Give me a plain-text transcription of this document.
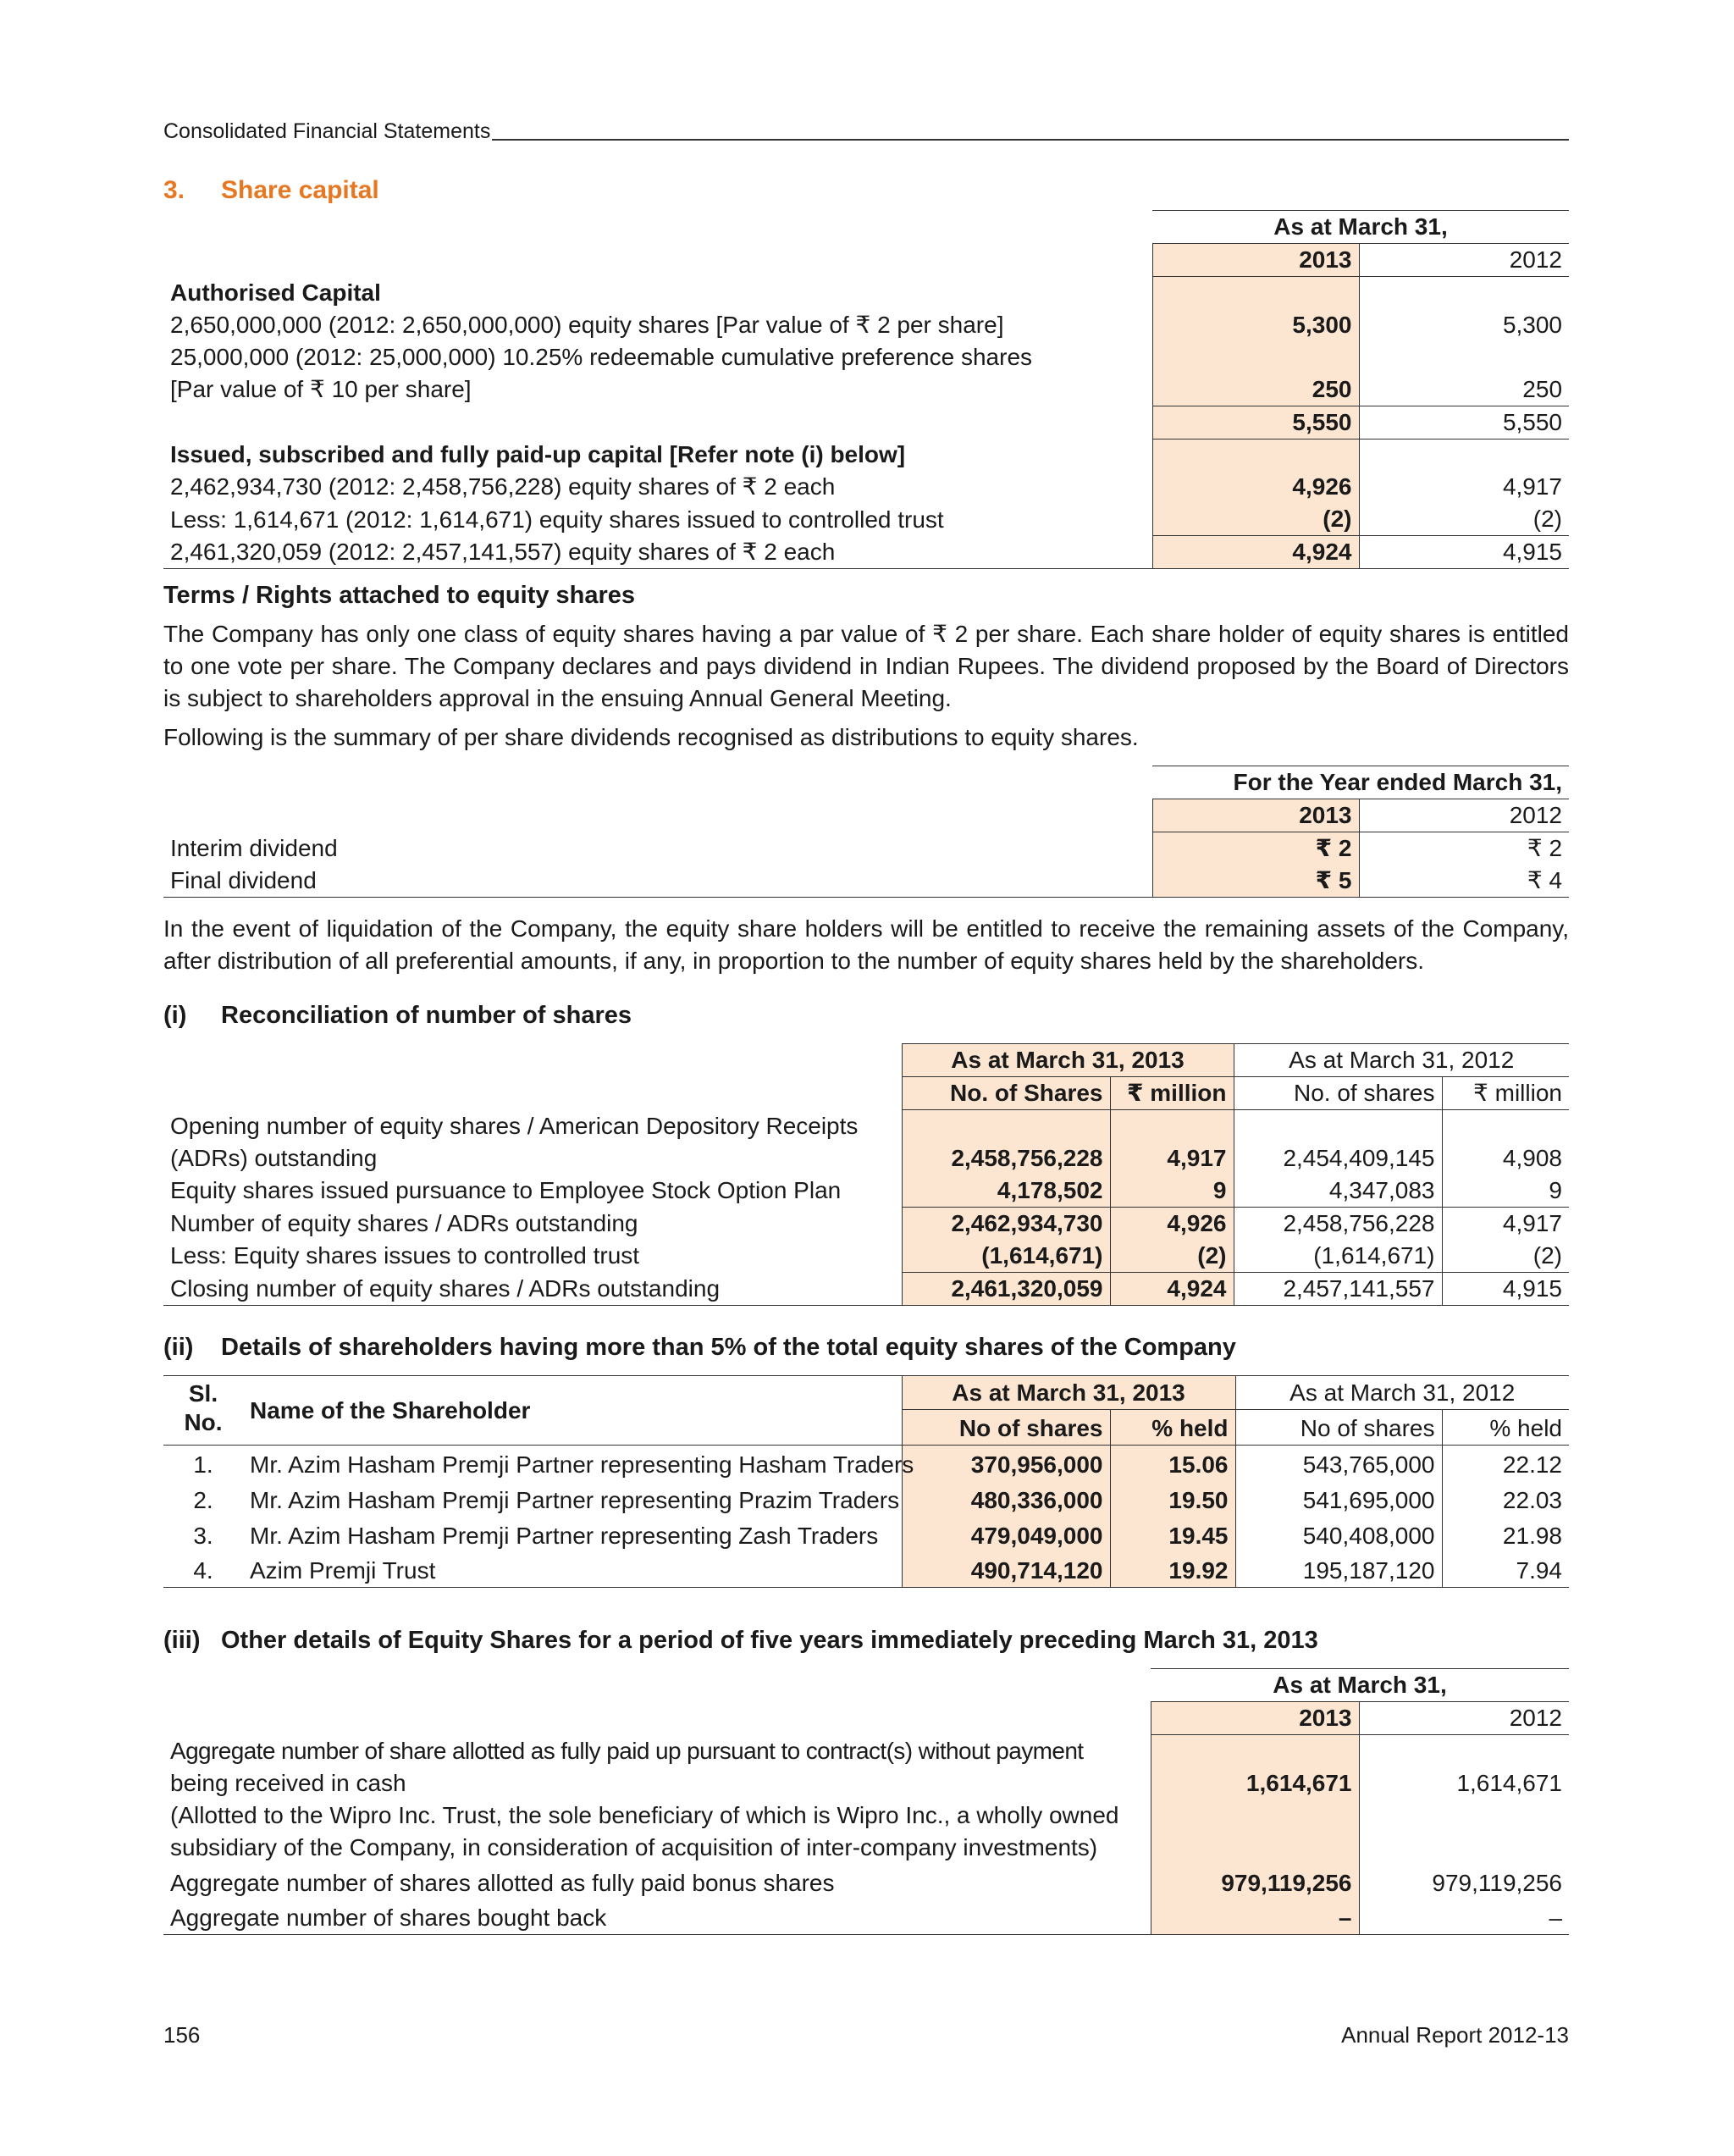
Consolidated Financial Statements
3. Share capital
	As at March 31,	
	2013	2012
Authorised Capital		
2,650,000,000 (2012: 2,650,000,000) equity shares [Par value of ₹ 2 per share]	5,300	5,300
25,000,000 (2012: 25,000,000) 10.25% redeemable cumulative preference shares		
[Par value of ₹ 10 per share]	250	250
	5,550	5,550
Issued, subscribed and fully paid-up capital [Refer note (i) below]		
2,462,934,730 (2012: 2,458,756,228) equity shares of ₹ 2 each	4,926	4,917
Less: 1,614,671 (2012: 1,614,671) equity shares issued to controlled trust	(2)	(2)
2,461,320,059 (2012: 2,457,141,557) equity shares of ₹ 2 each	4,924	4,915
Terms / Rights attached to equity shares
The Company has only one class of equity shares having a par value of ₹ 2 per share. Each share holder of equity shares is entitled to one vote per share. The Company declares and pays dividend in Indian Rupees. The dividend proposed by the Board of Directors is subject to shareholders approval in the ensuing Annual General Meeting.
Following is the summary of per share dividends recognised as distributions to equity shares.
	For the Year ended March 31,	
	2013	2012
Interim dividend	₹ 2	₹ 2
Final dividend	₹ 5	₹ 4
In the event of liquidation of the Company, the equity share holders will be entitled to receive the remaining assets of the Company, after distribution of all preferential amounts, if any, in proportion to the number of equity shares held by the shareholders.
(i) Reconciliation of number of shares
	As at March 31, 2013		As at March 31, 2012	
	No. of Shares	₹ million	No. of shares	₹ million
Opening number of equity shares / American Depository Receipts				
(ADRs) outstanding	2,458,756,228	4,917	2,454,409,145	4,908
Equity shares issued pursuance to Employee Stock Option Plan	4,178,502	9	4,347,083	9
Number of equity shares / ADRs outstanding	2,462,934,730	4,926	2,458,756,228	4,917
Less: Equity shares issues to controlled trust	(1,614,671)	(2)	(1,614,671)	(2)
Closing number of equity shares / ADRs outstanding	2,461,320,059	4,924	2,457,141,557	4,915
(ii) Details of shareholders having more than 5% of the total equity shares of the Company
Sl.
No.	Name of the Shareholder	As at March 31, 2013		As at March 31, 2012	
		No of shares	% held	No of shares	% held
1.	Mr. Azim Hasham Premji Partner representing Hasham Traders	370,956,000	15.06	543,765,000	22.12
2.	Mr. Azim Hasham Premji Partner representing Prazim Traders	480,336,000	19.50	541,695,000	22.03
3.	Mr. Azim Hasham Premji Partner representing Zash Traders	479,049,000	19.45	540,408,000	21.98
4.	Azim Premji Trust	490,714,120	19.92	195,187,120	7.94
(iii) Other details of Equity Shares for a period of five years immediately preceding March 31, 2013
	As at March 31,	
	2013	2012
Aggregate number of share allotted as fully paid up pursuant to contract(s) without payment		
being received in cash	1,614,671	1,614,671
(Allotted to the Wipro Inc. Trust, the sole beneficiary of which is Wipro Inc., a wholly owned		
subsidiary of the Company, in consideration of acquisition of inter-company investments)		
Aggregate number of shares allotted as fully paid bonus shares	979,119,256	979,119,256
Aggregate number of shares bought back	–	–
156	Annual Report 2012-13
